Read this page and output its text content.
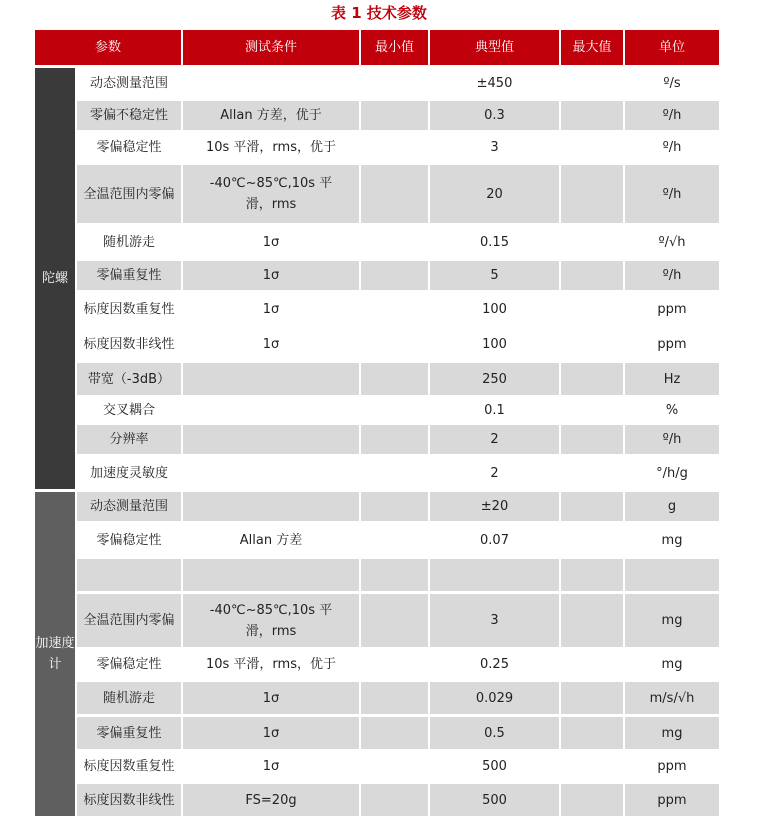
表 1 技术参数
参数		测试条件	最小值	典型值	最大值	单位
陀螺	动态测量范围			±450		º/s
	零偏不稳定性	Allan 方差，优于		0.3		º/h
	零偏稳定性	10s 平滑，rms，优于		3		º/h
	全温范围内零偏	-40℃~85℃,10s 平滑，rms		20		º/h
	随机游走	1σ		0.15		º/√h
	零偏重复性	1σ		5		º/h
	标度因数重复性	1σ		100		ppm
	标度因数非线性	1σ		100		ppm
	带宽（-3dB）			250		Hz
	交叉耦合			0.1		%
	分辨率			2		º/h
	加速度灵敏度			2		°/h/g
加速度计	动态测量范围			±20		g
	零偏稳定性	Allan 方差		0.07		mg

	全温范围内零偏	-40℃~85℃,10s 平滑，rms		3		mg
	零偏稳定性	10s 平滑，rms，优于		0.25		mg
	随机游走	1σ		0.029		m/s/√h
	零偏重复性	1σ		0.5		mg
	标度因数重复性	1σ		500		ppm
	标度因数非线性	FS=20g		500		ppm
